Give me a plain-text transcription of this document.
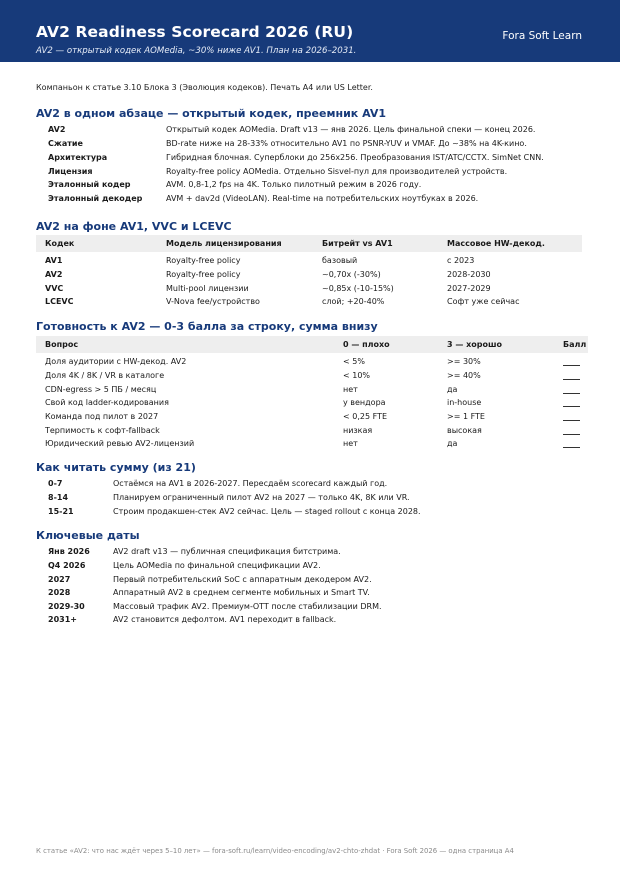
AV2 Readiness Scorecard 2026 (RU)
AV2 — открытый кодек AOMedia, ~30% ниже AV1. План на 2026–2031.
Fora Soft Learn
Компаньон к статье 3.10 Блока 3 (Эволюция кодеков). Печать A4 или US Letter.
AV2 в одном абзаце — открытый кодек, преемник AV1
AV2	Открытый кодек AOMedia. Draft v13 — янв 2026. Цель финальной спеки — конец 2026.
Сжатие	BD-rate ниже на 28-33% относительно AV1 по PSNR-YUV и VMAF. До ~38% на 4K-кино.
Архитектура	Гибридная блочная. Суперблоки до 256x256. Преобразования IST/ATC/CCTX. SimNet CNN.
Лицензия	Royalty-free policy AOMedia. Отдельно Sisvel-пул для производителей устройств.
Эталонный кодер	AVM. 0,8-1,2 fps на 4K. Только пилотный режим в 2026 году.
Эталонный декодер	AVM + dav2d (VideoLAN). Real-time на потребительских ноутбуках в 2026.
AV2 на фоне AV1, VVC и LCEVC
Кодек	Модель лицензирования	Битрейт vs AV1	Массовое HW-декод.
AV1	Royalty-free policy	базовый	с 2023
AV2	Royalty-free policy	~0,70x (-30%)	2028-2030
VVC	Multi-pool лицензии	~0,85x (-10-15%)	2027-2029
LCEVC	V-Nova fee/устройство	слой; +20-40%	Софт уже сейчас
Готовность к AV2 — 0-3 балла за строку, сумма внизу
Вопрос	0 — плохо	3 — хорошо	Балл
Доля аудитории с HW-декод. AV2	< 5%	>= 30%
Доля 4K / 8K / VR в каталоге	< 10%	>= 40%
CDN-egress > 5 ПБ / месяц	нет	да
Свой код ladder-кодирования	у вендора	in-house
Команда под пилот в 2027	< 0,25 FTE	>= 1 FTE
Терпимость к софт-fallback	низкая	высокая
Юридический ревью AV2-лицензий	нет	да
Как читать сумму (из 21)
0-7	Остаёмся на AV1 в 2026-2027. Пересдаём scorecard каждый год.
8-14	Планируем ограниченный пилот AV2 на 2027 — только 4K, 8K или VR.
15-21	Строим продакшен-стек AV2 сейчас. Цель — staged rollout с конца 2028.
Ключевые даты
Янв 2026	AV2 draft v13 — публичная спецификация битстрима.
Q4 2026	Цель AOMedia по финальной спецификации AV2.
2027	Первый потребительский SoC с аппаратным декодером AV2.
2028	Аппаратный AV2 в среднем сегменте мобильных и Smart TV.
2029-30	Массовый трафик AV2. Премиум-OTT после стабилизации DRM.
2031+	AV2 становится дефолтом. AV1 переходит в fallback.
К статье «AV2: что нас ждёт через 5–10 лет» — fora-soft.ru/learn/video-encoding/av2-chto-zhdat · Fora Soft 2026 — одна страница A4
